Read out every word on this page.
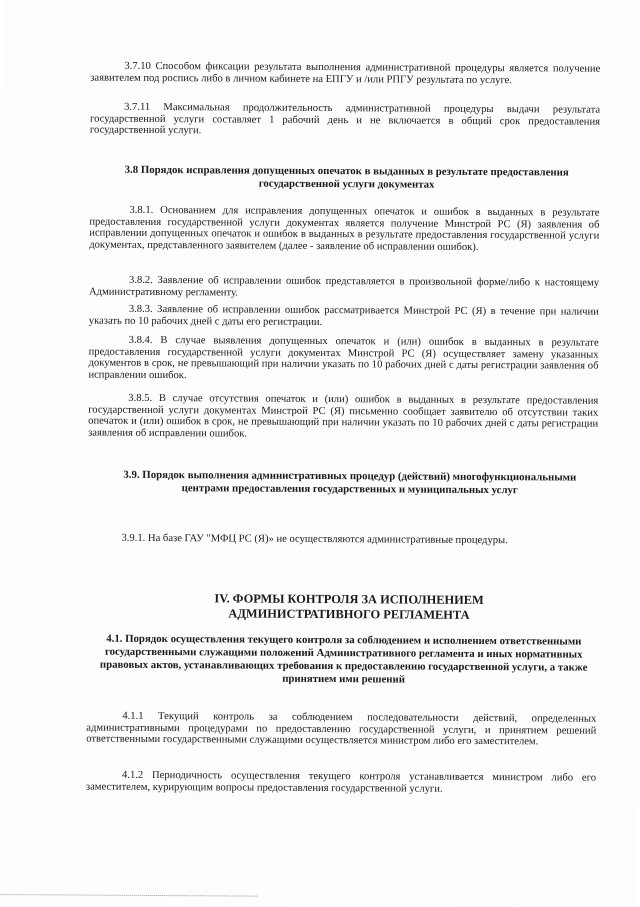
3.7.10 Способом фиксации результата выполнения административной процедуры является получение заявителем под роспись либо в личном кабинете на ЕПГУ и /или РПГУ результата по услуге.

3.7.11 Максимальная продолжительность административной процедуры выдачи результата государственной услуги составляет 1 рабочий день и не включается в общий срок предоставления государственной услуги.

3.8 Порядок исправления допущенных опечаток в выданных в результате предоставления государственной услуги документах

3.8.1. Основанием для исправления допущенных опечаток и ошибок в выданных в результате предоставления государственной услуги документах является получение Минстрой РС (Я) заявления об исправлении допущенных опечаток и ошибок в выданных в результате предоставления государственной услуги документах, представленного заявителем (далее - заявление об исправлении ошибок).

3.8.2. Заявление об исправлении ошибок представляется в произвольной форме/либо к настоящему Административному регламенту.

3.8.3. Заявление об исправлении ошибок рассматривается Минстрой РС (Я) в течение при наличии указать по 10 рабочих дней с даты его регистрации.

3.8.4. В случае выявления допущенных опечаток и (или) ошибок в выданных в результате предоставления государственной услуги документах Минстрой РС (Я) осуществляет замену указанных документов в срок, не превышающий при наличии указать по 10 рабочих дней с даты регистрации заявления об исправлении ошибок.

3.8.5. В случае отсутствия опечаток и (или) ошибок в выданных в результате предоставления государственной услуги документах Минстрой РС (Я) письменно сообщает заявителю об отсутствии таких опечаток и (или) ошибок в срок, не превышающий при наличии указать по 10 рабочих дней с даты регистрации заявления об исправлении ошибок.

3.9. Порядок выполнения административных процедур (действий) многофункциональными центрами предоставления государственных и муниципальных услуг

3.9.1. На базе ГАУ "МФЦ РС (Я)» не осуществляются административные процедуры.

IV. ФОРМЫ КОНТРОЛЯ ЗА ИСПОЛНЕНИЕМ АДМИНИСТРАТИВНОГО РЕГЛАМЕНТА

4.1. Порядок осуществления текущего контроля за соблюдением и исполнением ответственными государственными служащими положений Административного регламента и иных нормативных правовых актов, устанавливающих требования к предоставлению государственной услуги, а также принятием ими решений

4.1.1 Текущий контроль за соблюдением последовательности действий, определенных административными процедурами по предоставлению государственной услуги, и принятием решений ответственными государственными служащими осуществляется министром либо его заместителем.

4.1.2 Периодичность осуществления текущего контроля устанавливается министром либо его заместителем, курирующим вопросы предоставления государственной услуги.
